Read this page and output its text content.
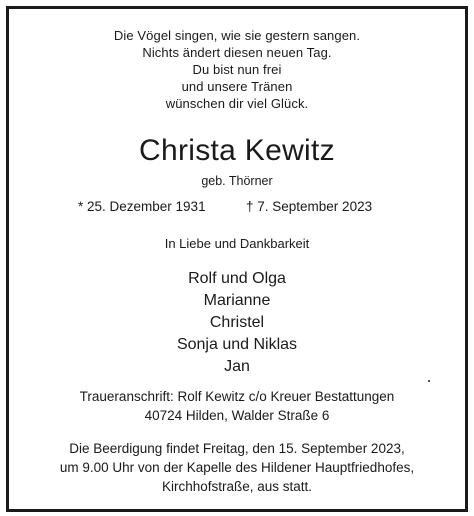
Die Vögel singen, wie sie gestern sangen.
Nichts ändert diesen neuen Tag.
Du bist nun frei
und unsere Tränen
wünschen dir viel Glück.
Christa Kewitz
geb. Thörner
* 25. Dezember 1931	† 7. September 2023
In Liebe und Dankbarkeit
Rolf und Olga
Marianne
Christel
Sonja und Niklas
Jan
Traueranschrift: Rolf Kewitz c/o Kreuer Bestattungen
40724 Hilden, Walder Straße 6
Die Beerdigung findet Freitag, den 15. September 2023,
um 9.00 Uhr von der Kapelle des Hildener Hauptfriedhofes,
Kirchhofstraße, aus statt.
